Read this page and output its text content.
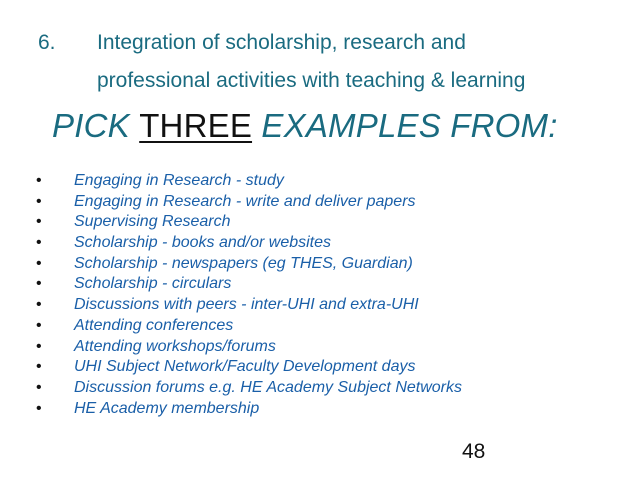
6. Integration of scholarship, research and
professional activities with teaching & learning
PICK THREE EXAMPLES FROM:
•	Engaging in Research - study
•	Engaging in Research - write and deliver papers
•	Supervising Research
•	Scholarship - books and/or websites
•	Scholarship - newspapers (eg THES, Guardian)
•	Scholarship - circulars
•	Discussions with peers - inter-UHI and extra-UHI
•	Attending conferences
•	Attending workshops/forums
•	UHI Subject Network/Faculty Development days
•	Discussion forums e.g. HE Academy Subject Networks
•	HE Academy membership
48
